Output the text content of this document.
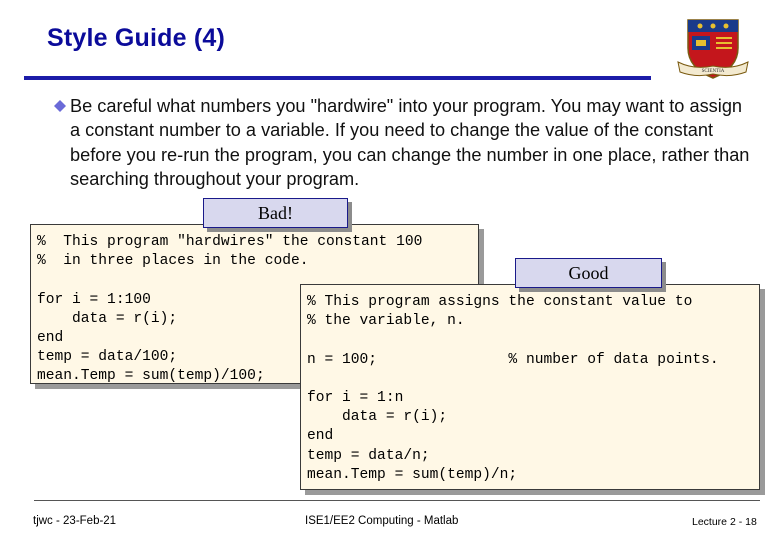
Style Guide (4)
SCIENTIA
Be careful what numbers you "hardwire" into your program. You may want to assign a constant number to a variable. If you need to change the value of the constant before you re-run the program, you can change the number in one place, rather than searching throughout your program.
%  This program "hardwires" the constant 100
%  in three places in the code.

for i = 1:100
data = r(i);
end
temp = data/100;
mean.Temp = sum(temp)/100;
Bad!
% This program assigns the constant value to
% the variable, n.

n = 100;               % number of data points.

for i = 1:n
data = r(i);
end
temp = data/n;
mean.Temp = sum(temp)/n;
Good
tjwc - 23-Feb-21	ISE1/EE2 Computing - Matlab	Lecture 2 - 18
